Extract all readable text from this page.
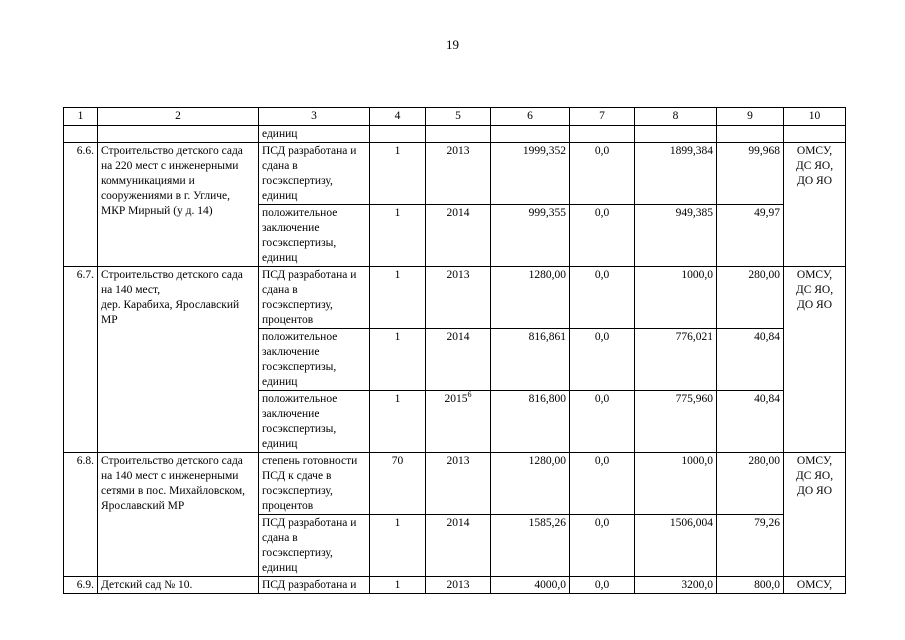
19
1	2	3	4	5	6	7	8	9	10
		единиц							
6.6.	Строительство детского сада на 220 мест с инженерными коммуникациями и сооружениями в г. Угличе, МКР Мирный (у д. 14)	ПСД разработана и сдана в госэкспертизу, единиц	1	2013	1999,352	0,0	1899,384	99,968	ОМСУ,
ДС ЯО,
ДО ЯО
		положительное заключение госэкспертизы, единиц	1	2014	999,355	0,0	949,385	49,97	
6.7.	Строительство детского сада на 140 мест,
дер. Карабиха, Ярославский МР	ПСД разработана и сдана в госэкспертизу, процентов	1	2013	1280,00	0,0	1000,0	280,00	ОМСУ,
ДС ЯО,
ДО ЯО
		положительное заключение госэкспертизы, единиц	1	2014	816,861	0,0	776,021	40,84	
		положительное заключение госэкспертизы, единиц	1	2015$^6$	816,800	0,0	775,960	40,84	
6.8.	Строительство детского сада на 140 мест с инженерными сетями в пос. Михайловском, Ярославский МР	степень готовности ПСД к сдаче в госэкспертизу, процентов	70	2013	1280,00	0,0	1000,0	280,00	ОМСУ,
ДС ЯО,
ДО ЯО
		ПСД разработана и сдана в госэкспертизу, единиц	1	2014	1585,26	0,0	1506,004	79,26	
6.9.	Детский сад № 10.	ПСД разработана и	1	2013	4000,0	0,0	3200,0	800,0	ОМСУ,
